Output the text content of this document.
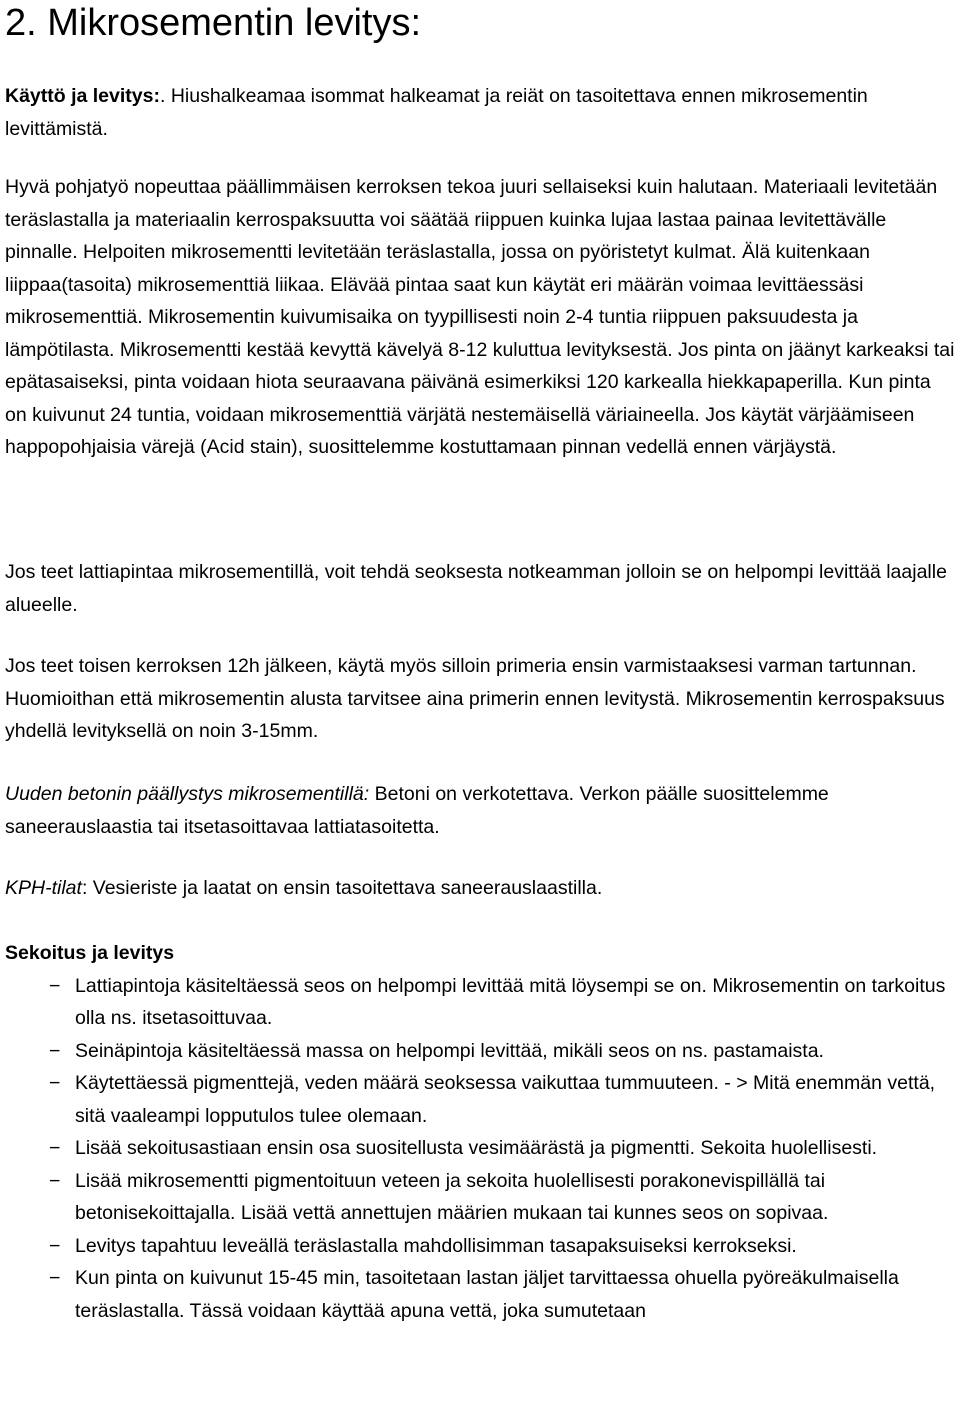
2. Mikrosementin levitys:

Käyttö ja levitys:. Hiushalkeamaa isommat halkeamat ja reiät on tasoitettava ennen mikrosementin levittämistä.

Hyvä pohjatyö nopeuttaa päällimmäisen kerroksen tekoa juuri sellaiseksi kuin halutaan. Materiaali levitetään teräslastalla ja materiaalin kerrospaksuutta voi säätää riippuen kuinka lujaa lastaa painaa levitettävälle pinnalle. Helpoiten mikrosementti levitetään teräslastalla, jossa on pyöristetyt kulmat. Älä kuitenkaan liippaa(tasoita) mikrosementtiä liikaa. Elävää pintaa saat kun käytät eri määrän voimaa levittäessäsi mikrosementtiä. Mikrosementin kuivumisaika on tyypillisesti noin 2-4 tuntia riippuen paksuudesta ja lämpötilasta. Mikrosementti kestää kevyttä kävelyä 8-12 kuluttua levityksestä. Jos pinta on jäänyt karkeaksi tai epätasaiseksi, pinta voidaan hiota seuraavana päivänä esimerkiksi 120 karkealla hiekkapaperilla. Kun pinta on kuivunut 24 tuntia, voidaan mikrosementtiä värjätä nestemäisellä väriaineella. Jos käytät värjäämiseen happopohjaisia värejä (Acid stain), suosittelemme kostuttamaan pinnan vedellä ennen värjäystä.

Jos teet lattiapintaa mikrosementillä, voit tehdä seoksesta notkeamman jolloin se on helpompi levittää laajalle alueelle.

Jos teet toisen kerroksen 12h jälkeen, käytä myös silloin primeria ensin varmistaaksesi varman tartunnan. Huomioithan että mikrosementin alusta tarvitsee aina primerin ennen levitystä. Mikrosementin kerrospaksuus yhdellä levityksellä on noin 3-15mm.

Uuden betonin päällystys mikrosementillä: Betoni on verkotettava. Verkon päälle suosittelemme saneerauslaastia tai itsetasoittavaa lattiatasoitetta.

KPH-tilat: Vesieriste ja laatat on ensin tasoitettava saneerauslaastilla.

Sekoitus ja levitys
− Lattiapintoja käsiteltäessä seos on helpompi levittää mitä löysempi se on. Mikrosementin on tarkoitus olla ns. itsetasoittuvaa.
− Seinäpintoja käsiteltäessä massa on helpompi levittää, mikäli seos on ns. pastamaista.
− Käytettäessä pigmenttejä, veden määrä seoksessa vaikuttaa tummuuteen. - > Mitä enemmän vettä, sitä vaaleampi lopputulos tulee olemaan.
− Lisää sekoitusastiaan ensin osa suositellusta vesimäärästä ja pigmentti. Sekoita huolellisesti.
− Lisää mikrosementti pigmentoituun veteen ja sekoita huolellisesti porakonevispillällä tai betonisekoittajalla. Lisää vettä annettujen määrien mukaan tai kunnes seos on sopivaa.
− Levitys tapahtuu leveällä teräslastalla mahdollisimman tasapaksuiseksi kerrokseksi.
− Kun pinta on kuivunut 15-45 min, tasoitetaan lastan jäljet tarvittaessa ohuella pyöreäkulmaisella teräslastalla. Tässä voidaan käyttää apuna vettä, joka sumutetaan
